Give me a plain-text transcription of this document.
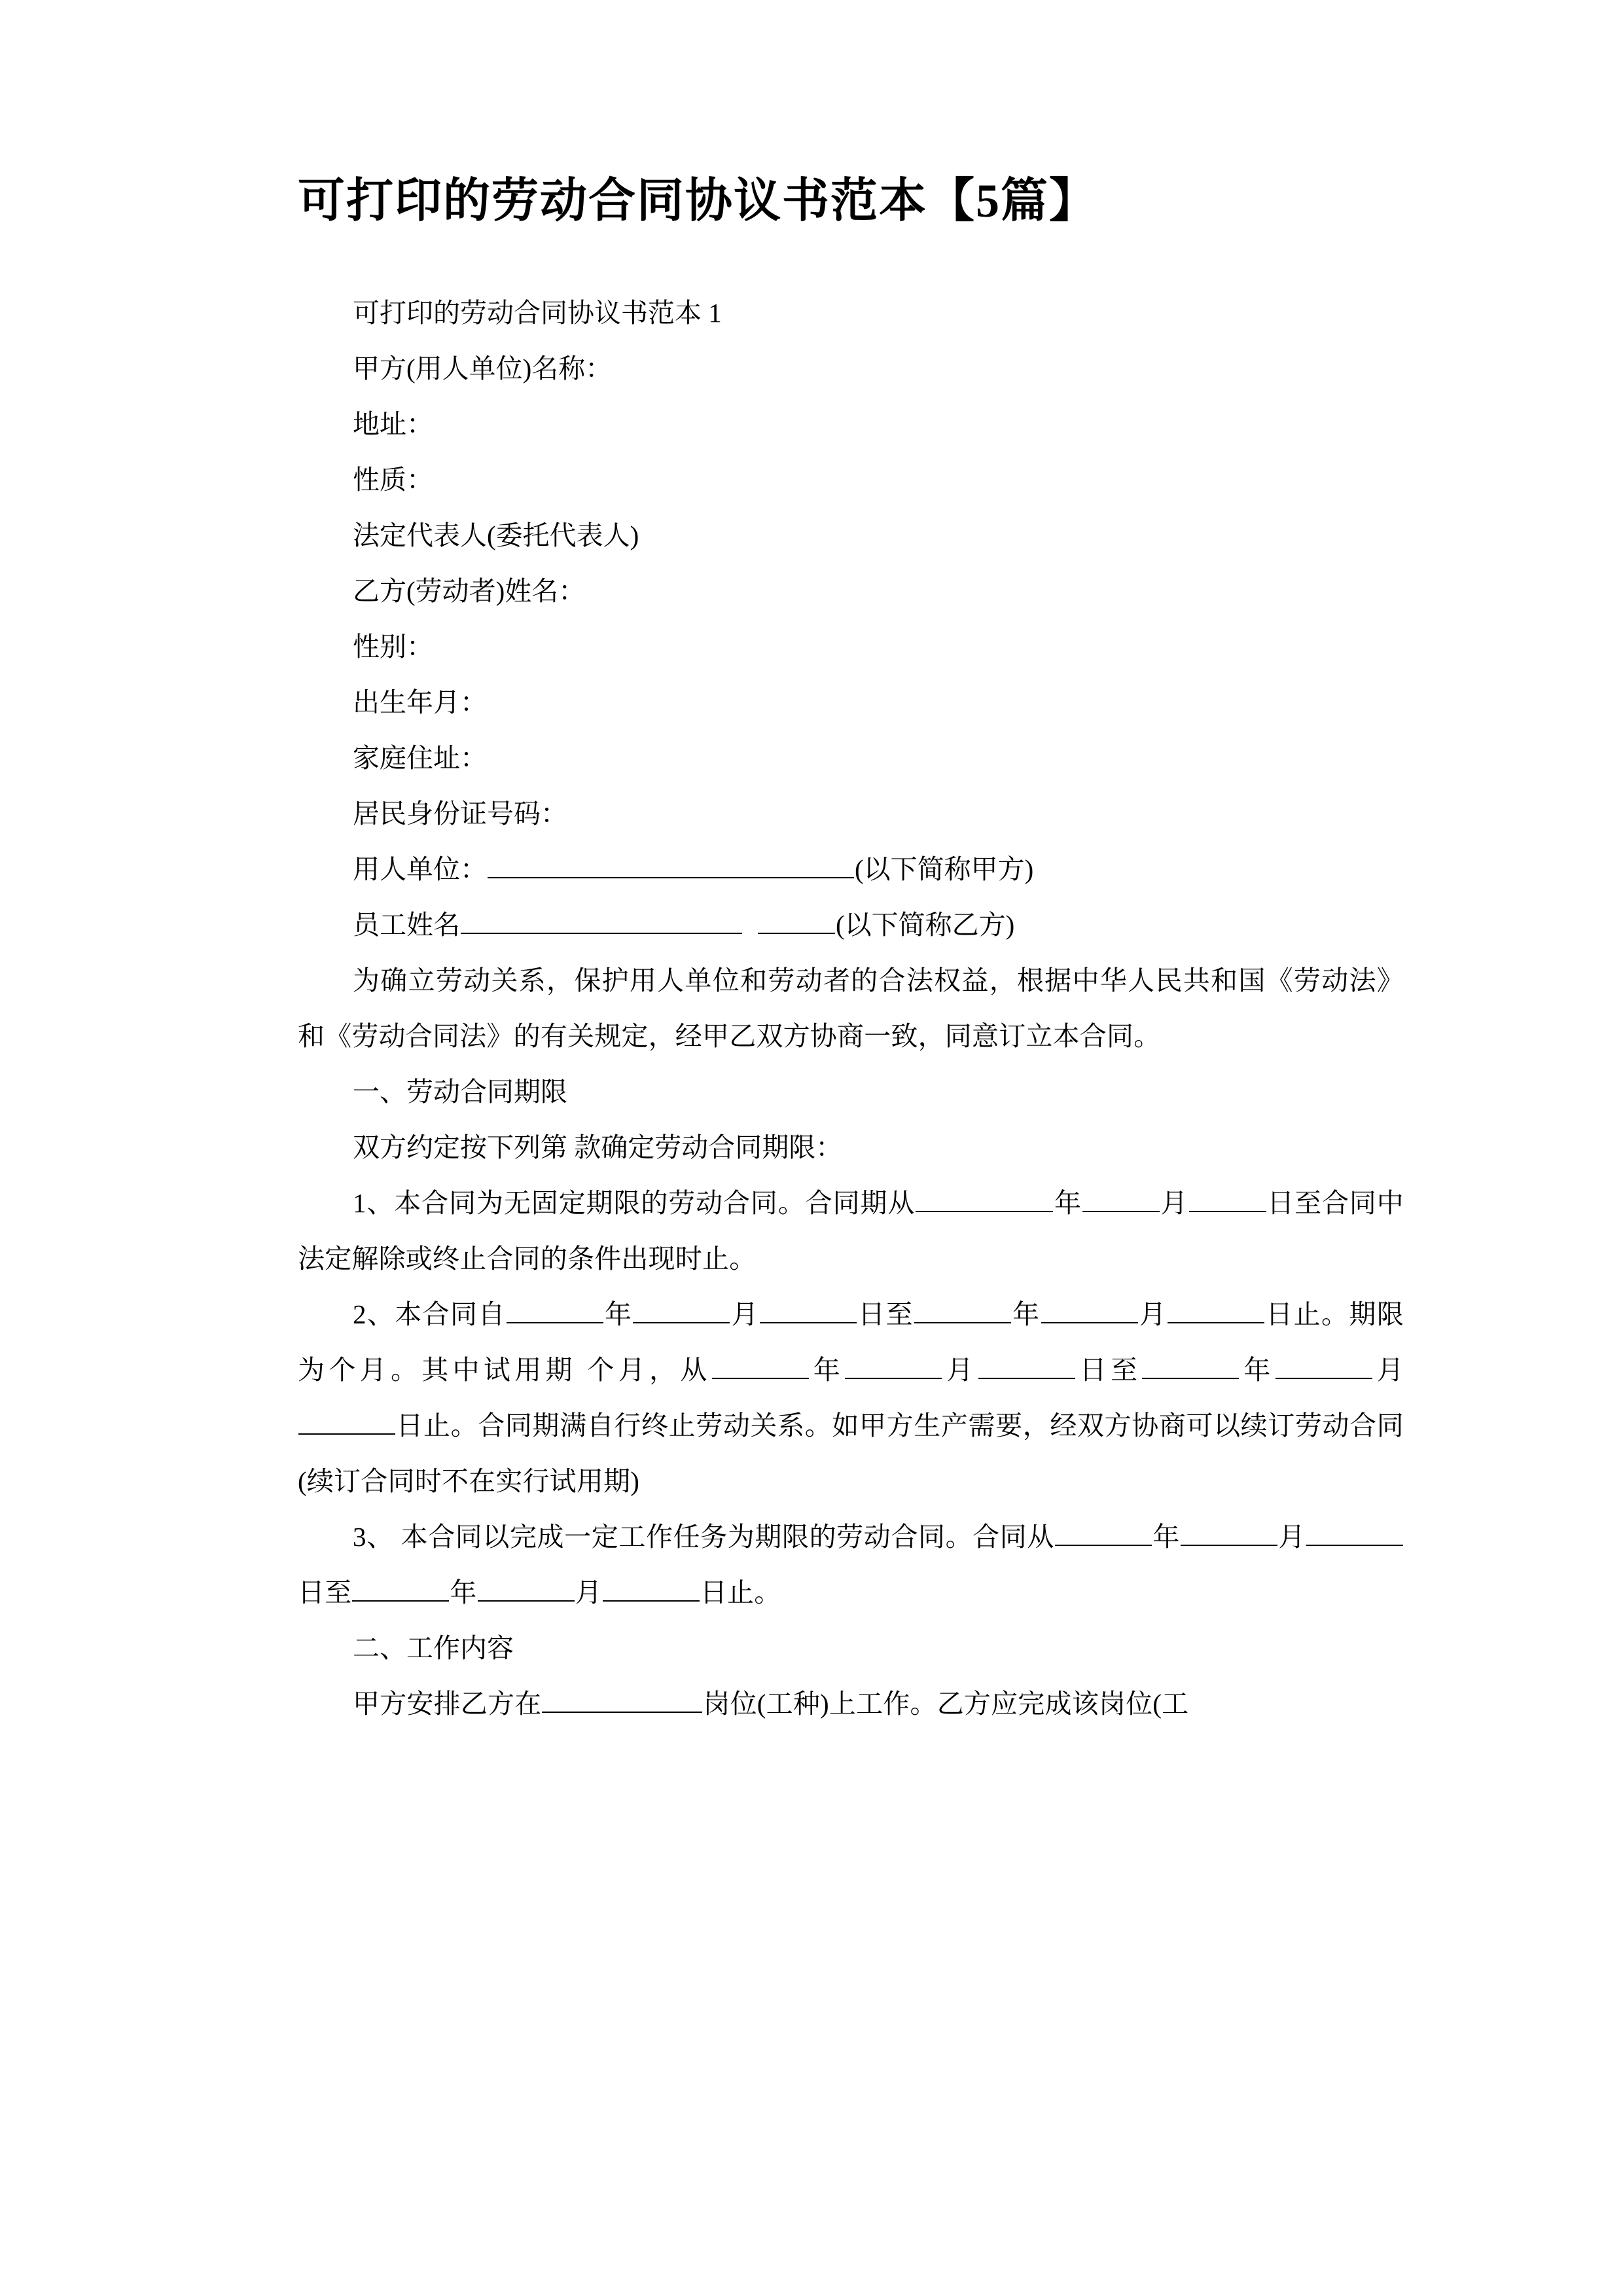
可打印的劳动合同协议书范本【5篇】

可打印的劳动合同协议书范本 1

甲方(用人单位)名称：

地址：

性质：

法定代表人(委托代表人)

乙方(劳动者)姓名：

性别：

出生年月：

家庭住址：

居民身份证号码：

用人单位：	(以下简称甲方)

员工姓名	(以下简称乙方)

为确立劳动关系，保护用人单位和劳动者的合法权益，根据中华人民共和国《劳动法》和《劳动合同法》的有关规定，经甲乙双方协商一致，同意订立本合同。

一、劳动合同期限

双方约定按下列第 款确定劳动合同期限：

1、本合同为无固定期限的劳动合同。合同期从	年	月	日至合同中法定解除或终止合同的条件出现时止。

2、本合同自	年	月	日至	年	月	日止。期限为个月。其中试用期 个月，从	年	月	日至	年	月日止。合同期满自行终止劳动关系。如甲方生产需要，经双方协商可以续订劳动合同(续订合同时不在实行试用期)

3、 本合同以完成一定工作任务为期限的劳动合同。合同从	年	月日至	年	月	日止。

二、工作内容

甲方安排乙方在	岗位(工种)上工作。乙方应完成该岗位(工
